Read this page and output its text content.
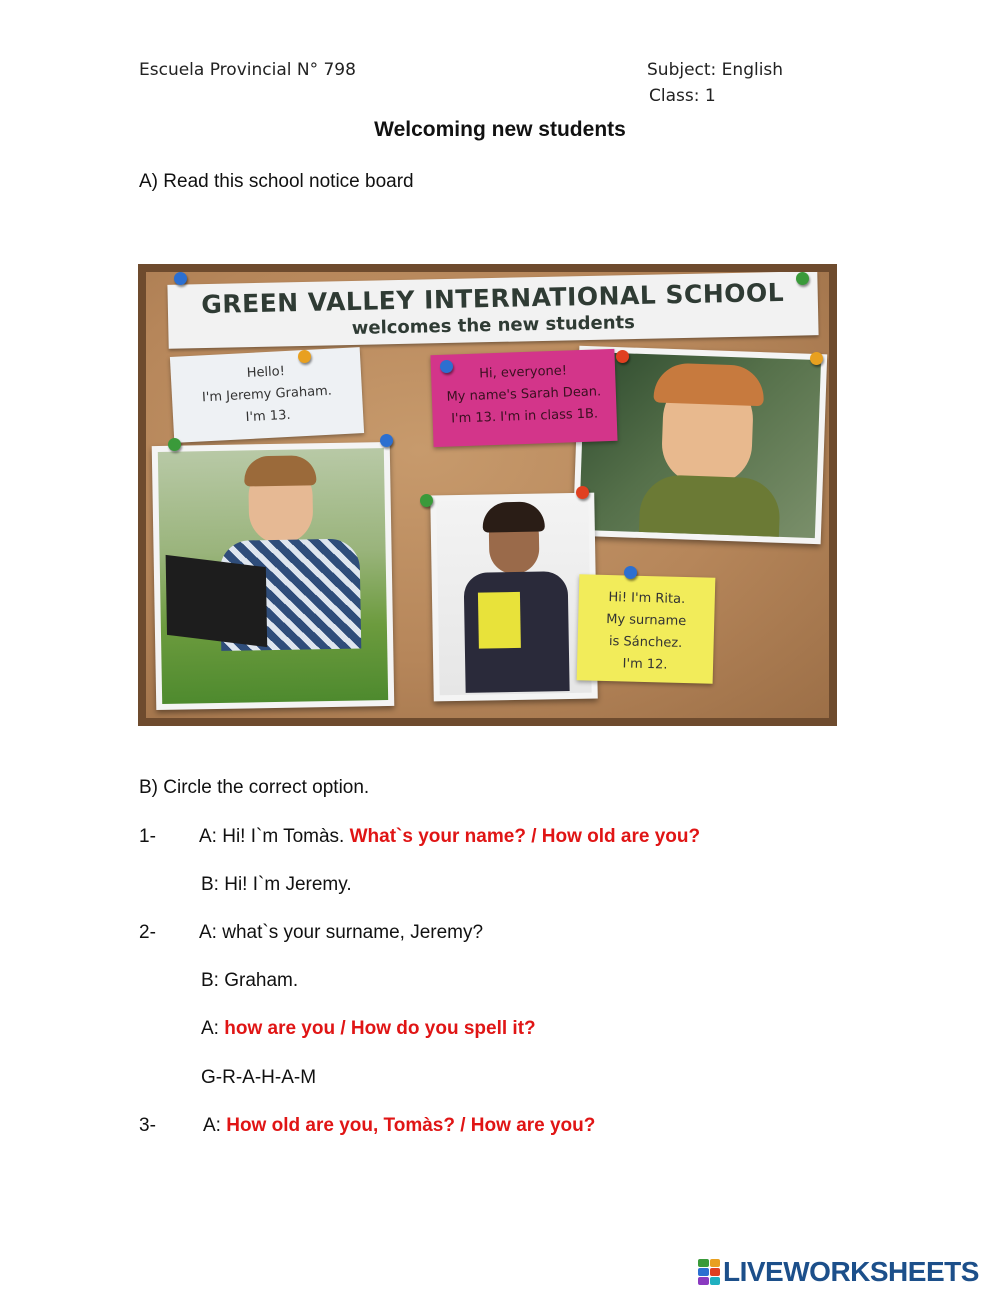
Escuela Provincial N° 798	Subject: English
Class: 1
Welcoming new students
A) Read this school notice board
GREEN VALLEY INTERNATIONAL SCHOOL
welcomes the new students
Hello!
I'm Jeremy Graham.
I'm 13.
Hi, everyone!
My name's Sarah Dean.
I'm 13. I'm in class 1B.
Hi! I'm Rita.
My surname
is Sánchez.
I'm 12.
B) Circle the correct option.
1- A: Hi! I`m Tomàs. What`s your name? / How old are you?
B: Hi! I`m Jeremy.
2- A: what`s your surname, Jeremy?
B: Graham.
A: how are you / How do you spell it?
G-R-A-H-A-M
3- A: How old are you, Tomàs? / How are you?
LIVEWORKSHEETS
